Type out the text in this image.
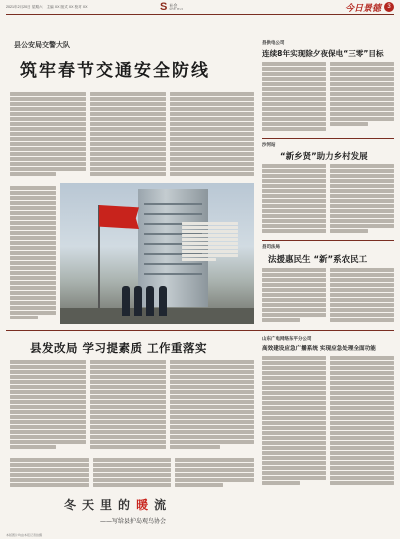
2021年2月20日 星期六 主编 XX 版式 XX 校对 XX	S 社会
SHE HUI	今日景德	3
县公安局交警大队
筑牢春节交通安全防线
县供电公司
连续8年实现除夕夜保电“三零”目标
沙河站
“新乡贤”助力乡村发展
县司法局
法援惠民生 “新”系农民工
县发改局 学习提素质 工作重落实
山东广电网络东平分公司
高效建设应急广播系统 实现应急处理全面功能
冬天里的暖流
——写给县护岛观鸟协会
本版图片均由本报记者拍摄
